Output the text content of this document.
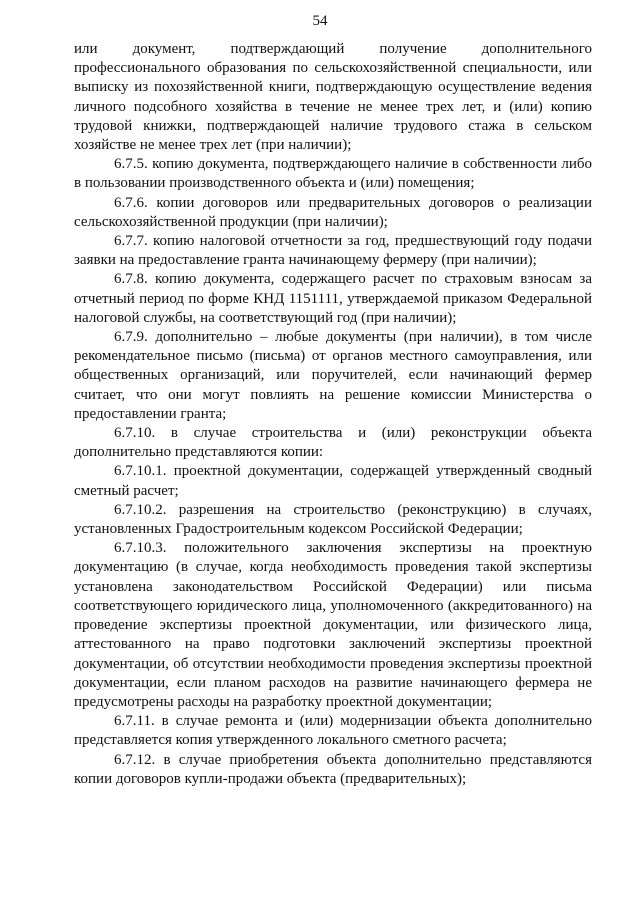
54

или документ, подтверждающий получение дополнительного профессионального образования по сельскохозяйственной специальности, или выписку из похозяйственной книги, подтверждающую осуществление ведения личного подсобного хозяйства в течение не менее трех лет, и (или) копию трудовой книжки, подтверждающей наличие трудового стажа в сельском хозяйстве не менее трех лет (при наличии);

6.7.5. копию документа, подтверждающего наличие в собственности либо в пользовании производственного объекта и (или) помещения;

6.7.6. копии договоров или предварительных договоров о реализации сельскохозяйственной продукции (при наличии);

6.7.7. копию налоговой отчетности за год, предшествующий году подачи заявки на предоставление гранта начинающему фермеру (при наличии);

6.7.8. копию документа, содержащего расчет по страховым взносам за отчетный период по форме КНД 1151111, утверждаемой приказом Федеральной налоговой службы, на соответствующий год (при наличии);

6.7.9. дополнительно – любые документы (при наличии), в том числе рекомендательное письмо (письма) от органов местного самоуправления, или общественных организаций, или поручителей, если начинающий фермер считает, что они могут повлиять на решение комиссии Министерства о предоставлении гранта;

6.7.10. в случае строительства и (или) реконструкции объекта дополнительно представляются копии:

6.7.10.1. проектной документации, содержащей утвержденный сводный сметный расчет;

6.7.10.2. разрешения на строительство (реконструкцию) в случаях, установленных Градостроительным кодексом Российской Федерации;

6.7.10.3. положительного заключения экспертизы на проектную документацию (в случае, когда необходимость проведения такой экспертизы установлена законодательством Российской Федерации) или письма соответствующего юридического лица, уполномоченного (аккредитованного) на проведение экспертизы проектной документации, или физического лица, аттестованного на право подготовки заключений экспертизы проектной документации, об отсутствии необходимости проведения экспертизы проектной документации, если планом расходов на развитие начинающего фермера не предусмотрены расходы на разработку проектной документации;

6.7.11. в случае ремонта и (или) модернизации объекта дополнительно представляется копия утвержденного локального сметного расчета;

6.7.12. в случае приобретения объекта дополнительно представляются копии договоров купли-продажи объекта (предварительных);
